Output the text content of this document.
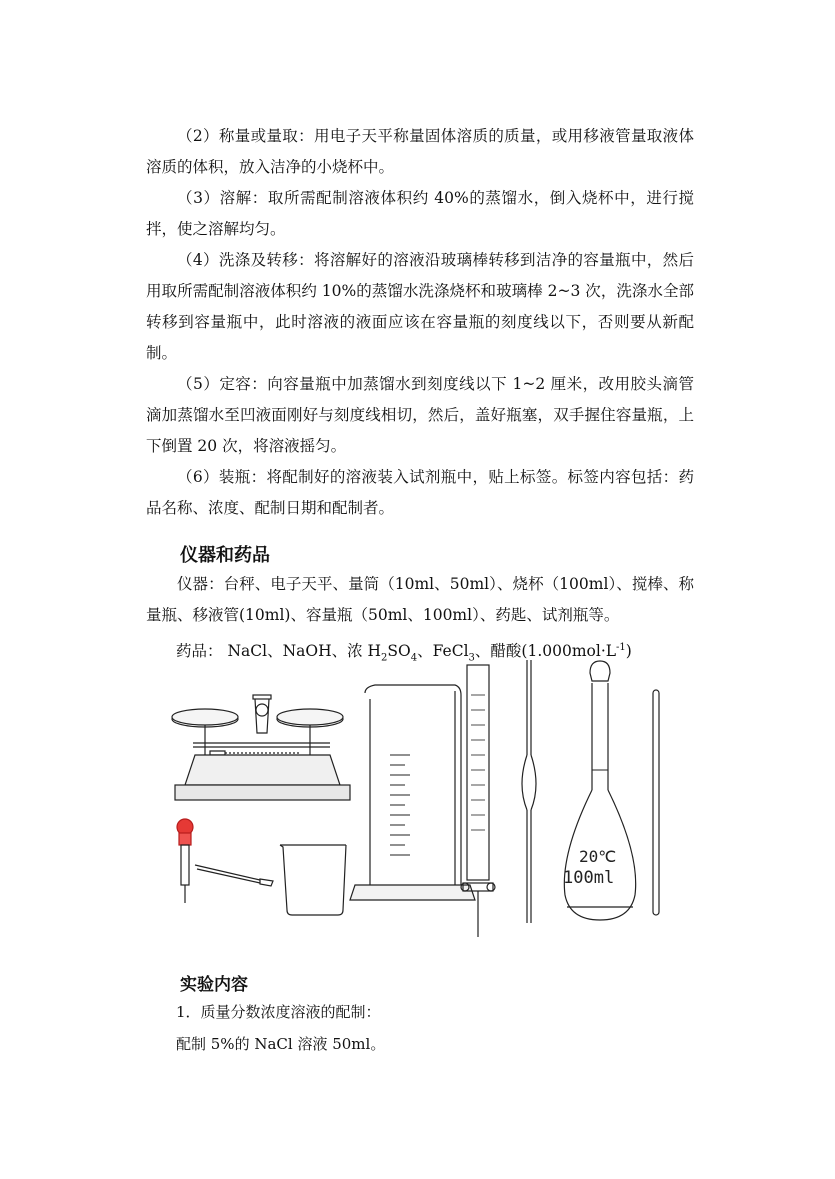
（2）称量或量取：用电子天平称量固体溶质的质量，或用移液管量取液体溶质的体积，放入洁净的小烧杯中。

（3）溶解：取所需配制溶液体积约 40%的蒸馏水，倒入烧杯中，进行搅拌，使之溶解均匀。

（4）洗涤及转移：将溶解好的溶液沿玻璃棒转移到洁净的容量瓶中，然后用取所需配制溶液体积约 10%的蒸馏水洗涤烧杯和玻璃棒 2~3 次，洗涤水全部转移到容量瓶中，此时溶液的液面应该在容量瓶的刻度线以下，否则要从新配制。

（5）定容：向容量瓶中加蒸馏水到刻度线以下 1~2 厘米，改用胶头滴管滴加蒸馏水至凹液面刚好与刻度线相切，然后，盖好瓶塞，双手握住容量瓶，上下倒置 20 次，将溶液摇匀。

（6）装瓶：将配制好的溶液装入试剂瓶中，贴上标签。标签内容包括：药品名称、浓度、配制日期和配制者。

仪器和药品

仪器：台秤、电子天平、量筒（10ml、50ml）、烧杯（100ml）、搅棒、称量瓶、移液管(10ml)、容量瓶（50ml、100ml）、药匙、试剂瓶等。

药品： NaCl、NaOH、浓 $H_2SO_4$、FeCl$_3$、醋酸$(1.000mol\cdot L^{-1})$

20℃
100ml
实验内容

1．质量分数浓度溶液的配制：

配制 5%的 NaCl 溶液 50ml。
